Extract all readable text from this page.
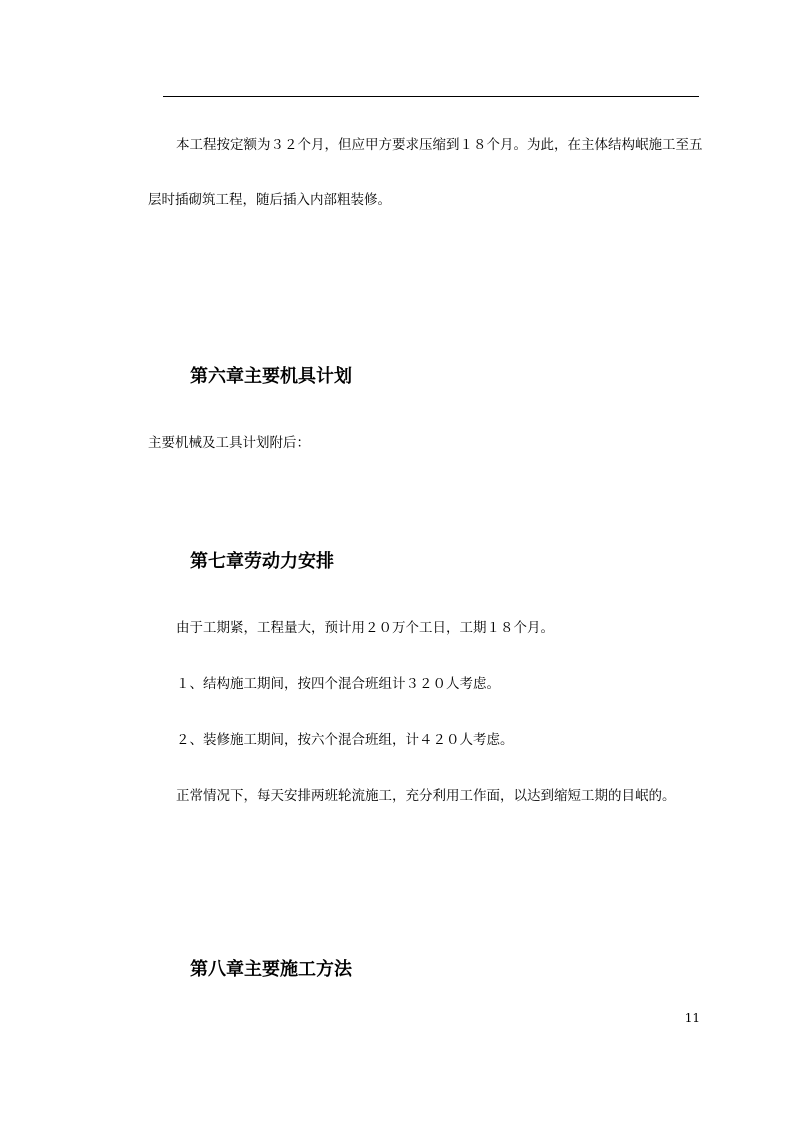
本工程按定额为３２个月，但应甲方要求压缩到１８个月。为此，在主体结构岷施工至五

层时插砌筑工程，随后插入内部粗装修。

第六章主要机具计划

主要机械及工具计划附后：

第七章劳动力安排

由于工期紧，工程量大，预计用２０万个工日，工期１８个月。

１、结构施工期间，按四个混合班组计３２０人考虑。

２、装修施工期间，按六个混合班组，计４２０人考虑。

正常情况下，每天安排两班轮流施工，充分利用工作面，以达到缩短工期的目岷的。

第八章主要施工方法
11
